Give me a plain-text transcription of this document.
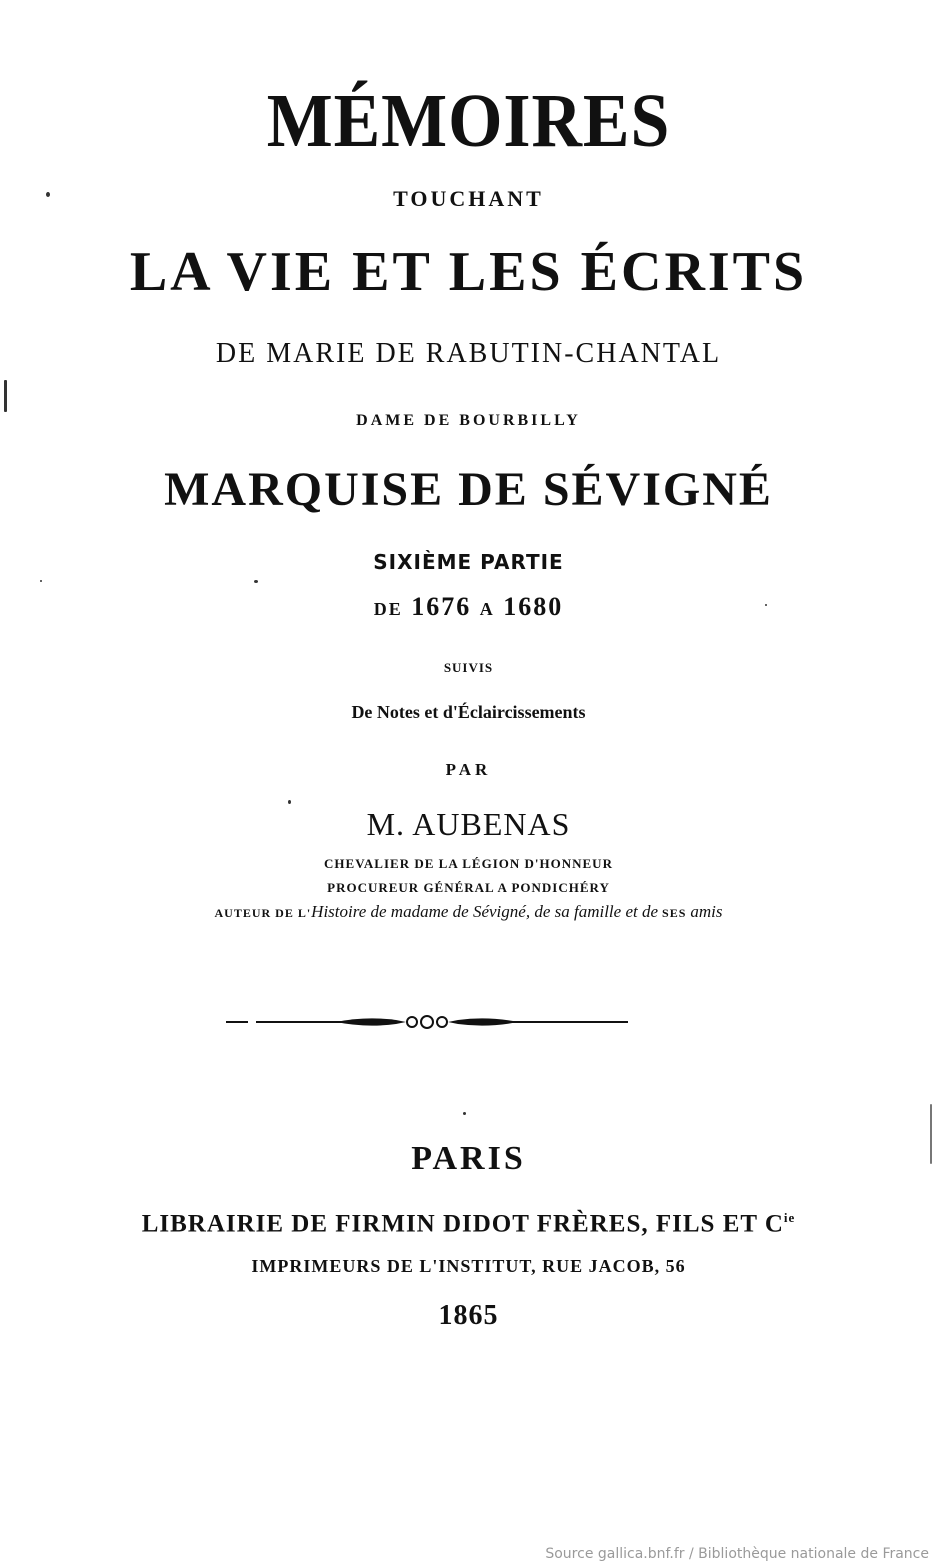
MÉMOIRES
TOUCHANT
LA VIE ET LES ÉCRITS
DE MARIE DE RABUTIN-CHANTAL
DAME DE BOURBILLY
MARQUISE DE SÉVIGNÉ
SIXIÈME PARTIE
DE 1676 A 1680
SUIVIS
De Notes et d'Éclaircissements
PAR
M. AUBENAS
CHEVALIER DE LA LÉGION D'HONNEUR
PROCUREUR GÉNÉRAL A PONDICHÉRY
AUTEUR DE L'Histoire de madame de Sévigné, de sa famille et de SES amis
PARIS
LIBRAIRIE DE FIRMIN DIDOT FRÈRES, FILS ET $C^{ie}$
IMPRIMEURS DE L'INSTITUT, RUE JACOB, 56
1865
Source gallica.bnf.fr / Bibliothèque nationale de France
